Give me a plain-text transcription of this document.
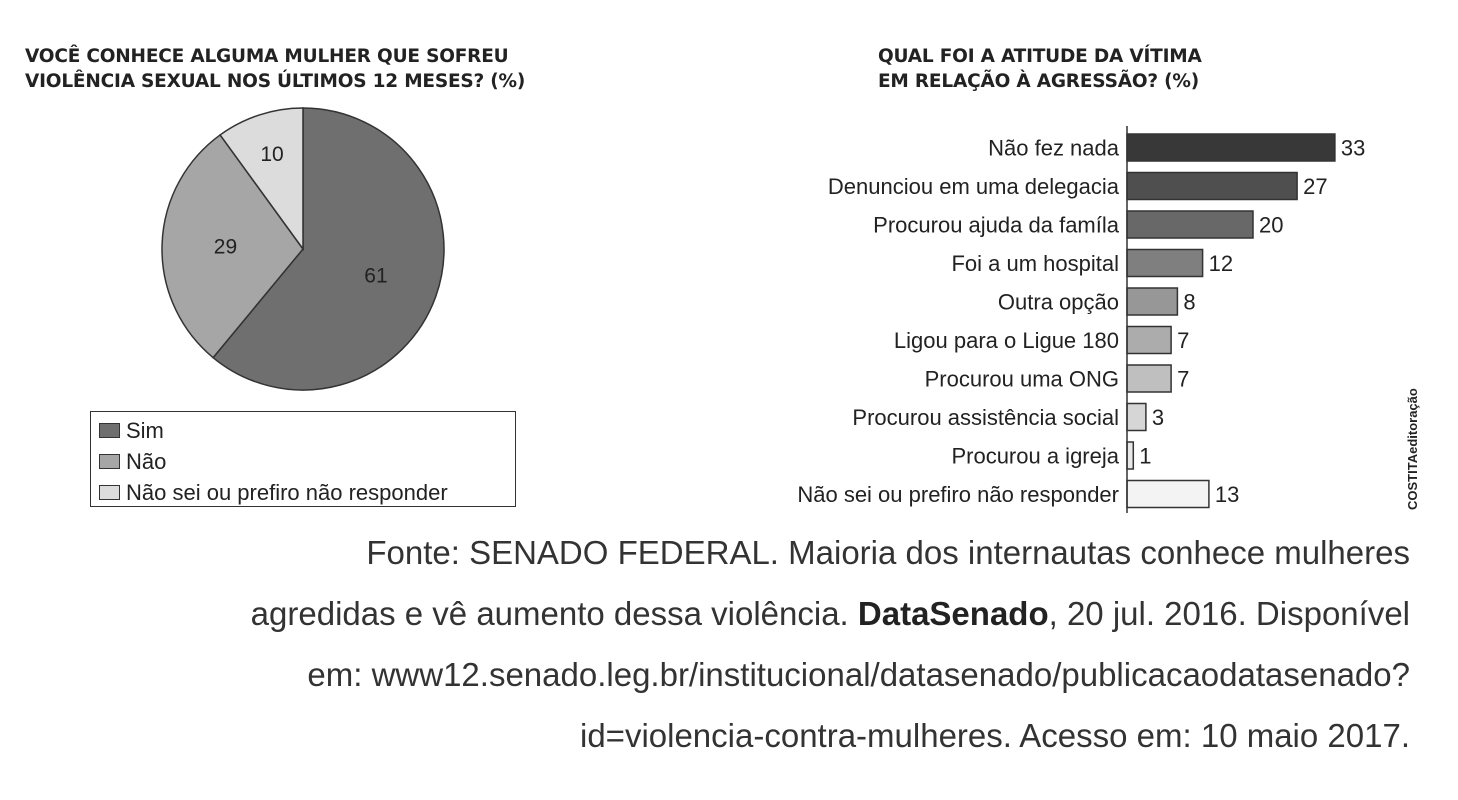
VOCÊ CONHECE ALGUMA MULHER QUE SOFREU
VIOLÊNCIA SEXUAL NOS ÚLTIMOS 12 MESES? (%)
61
29
10
Sim
Não
Não sei ou prefiro não responder
QUAL FOI A ATITUDE DA VÍTIMA
EM RELAÇÃO À AGRESSÃO? (%)
Não fez nada	33
Denunciou em uma delegacia	27
Procurou ajuda da famíla	20
Foi a um hospital	12
Outra opção	8
Ligou para o Ligue 180	7
Procurou uma ONG	7
Procurou assistência social 3
Procurou a igreja 1
Não sei ou prefiro não responder	13	COSTITAeditoração
Fonte: SENADO FEDERAL. Maioria dos internautas conhece mulheres
agredidas e vê aumento dessa violência. DataSenado, 20 jul. 2016. Disponível
em: www12.senado.leg.br/institucional/datasenado/publicacaodatasenado?
id=violencia-contra-mulheres. Acesso em: 10 maio 2017.
